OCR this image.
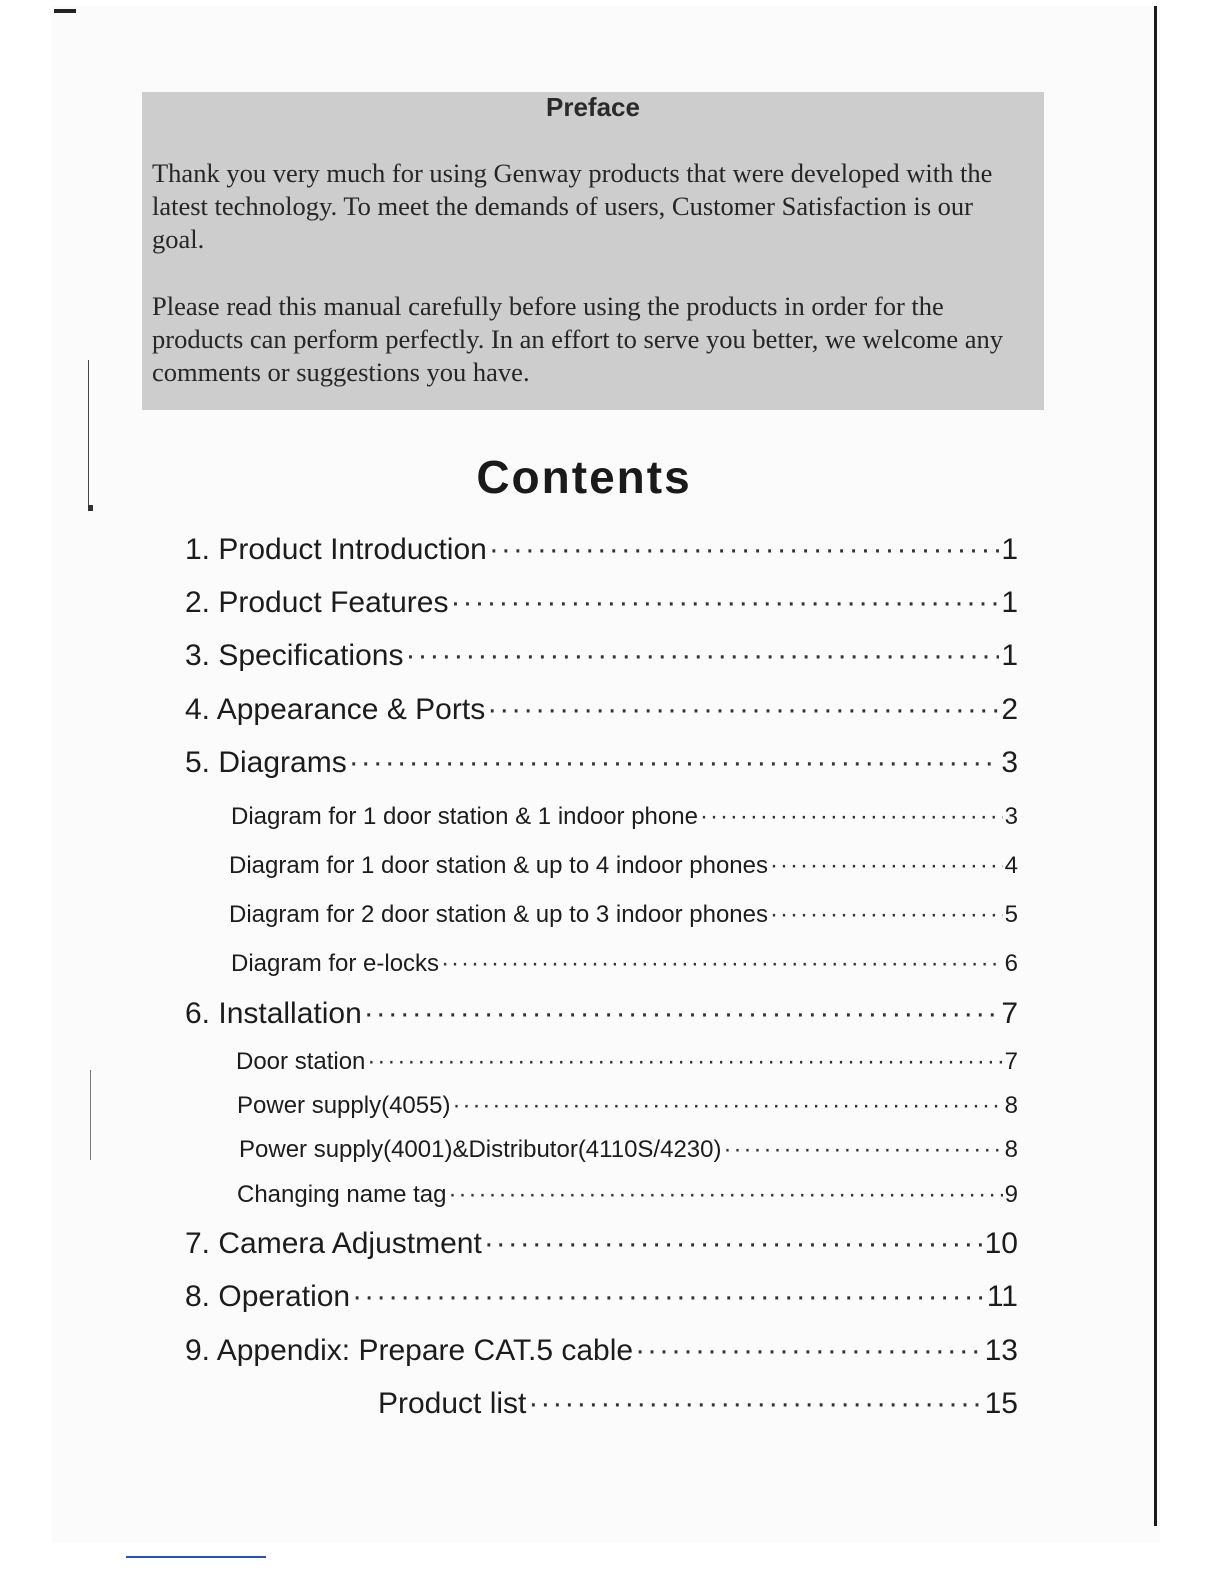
Preface

Thank you very much for using Genway products that were developed with the latest technology. To meet the demands of users, Customer Satisfaction is our goal.

Please read this manual carefully before using the products in order for the products can perform perfectly. In an effort to serve you better, we welcome any comments or suggestions you have.

Contents
1. Product Introduction ·····	1
2. Product Features ·····	1
3. Specifications ·····	1
4. Appearance & Ports ·····	2
5. Diagrams ·····	3
Diagram for 1 door station & 1 indoor phone ·····	3
Diagram for 1 door station & up to 4 indoor phones ·····	4
Diagram for 2 door station & up to 3 indoor phones ·····	5
Diagram for e-locks ·····	6
6. Installation ·····	7
Door station ·····	7
Power supply(4055) ·····	8
Power supply(4001)&Distributor(4110S/4230) ·····	8
Changing name tag ·····	9
7. Camera Adjustment ·····	10
8. Operation ·····	11
9. Appendix: Prepare CAT.5 cable ·····	13
Product list ·····	15
